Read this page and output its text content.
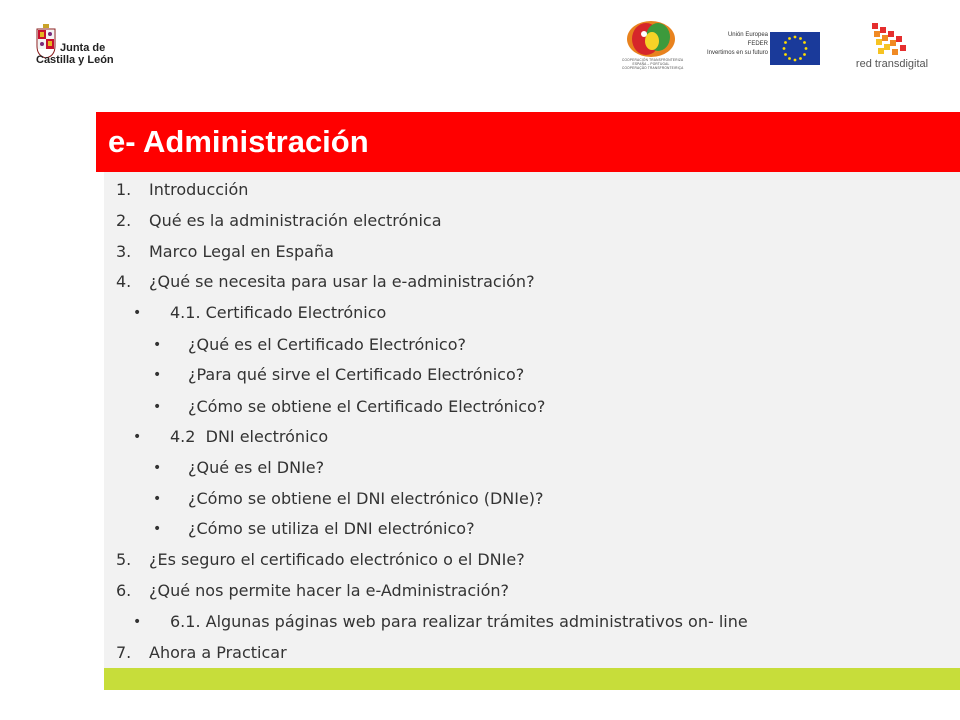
Junta de
Castilla y León	COOPERACIÓN TRANSFRONTERIZA
ESPAÑA – PORTUGAL
COOPERAÇÃO TRANSFRONTEIRIÇA
Unión Europea
FEDER
Invertimos en su futuro
red transdigital
e- Administración
1. Introducción
2. Qué es la administración electrónica
3. Marco Legal en España
4. ¿Qué se necesita para usar la e-administración?
• 4.1. Certificado Electrónico
• ¿Qué es el Certificado Electrónico?
• ¿Para qué sirve el Certificado Electrónico?
• ¿Cómo se obtiene el Certificado Electrónico?
• 4.2  DNI electrónico
• ¿Qué es el DNIe?
• ¿Cómo se obtiene el DNI electrónico (DNIe)?
• ¿Cómo se utiliza el DNI electrónico?
5. ¿Es seguro el certificado electrónico o el DNIe?
6. ¿Qué nos permite hacer la e-Administración?
• 6.1. Algunas páginas web para realizar trámites administrativos on- line
7. Ahora a Practicar
